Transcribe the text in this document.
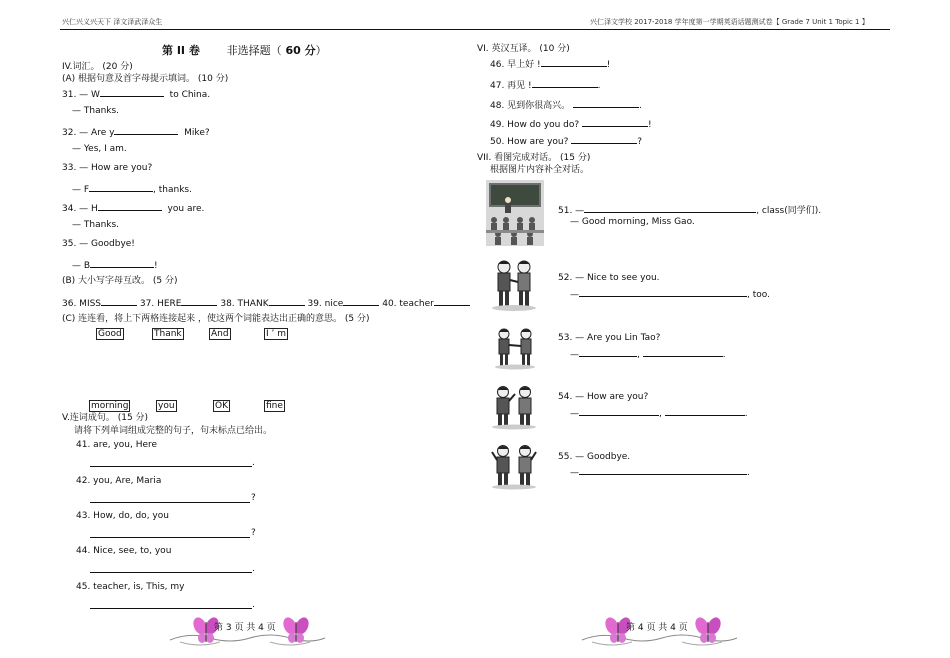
兴仁兴义兴天下 泽文泽武泽众生	兴仁泽文学校 2017-2018 学年度第一学期英语话题测试卷【 Grade 7 Unit 1 Topic 1 】
第 II 卷 非选择题（ 60 分）
IV.词汇。 (20 分)
(A) 根据句意及首字母提示填词。 (10 分)
31. — W	to China.
— Thanks.
32. — Are y	Mike?
— Yes, I am.
33. — How are you?
— F	, thanks.
34. — H	you are.
— Thanks.
35. — Goodbye!
— B	!
(B) 大小写字母互改。 (5 分)
36. MISS	37. HERE	38. THANK	39. nice	40. teacher
(C) 连连看，将上下两格连接起来 ，使这两个词能表达出正确的意思。 (5 分)
Good	Thank	And	I ’ m
morning	you	OK	fine
V.连词成句。 (15 分)
请将下列单词组成完整的句子，句末标点已给出。
41. are, you, Here
.
42. you, Are, Maria
?
43. How, do, do, you
?
44. Nice, see, to, you
.
45. teacher, is, This, my
.
第 3 页 共 4 页
VI. 英汉互译。 (10 分)
46. 早上好 !	!
47. 再见 !	.
48. 见到你很高兴。	.
49. How do you do?	!
50. How are you?	?
VII. 看图完成对话。 (15 分)
根据图片内容补全对话。
51. —	, class(同学们).
— Good morning, Miss Gao.
52. — Nice to see you.
—	, too.
53. — Are you Lin Tao?
—	,	.
54. — How are you?
—	,	.
55. — Goodbye.
—	.
第 4 页 共 4 页
